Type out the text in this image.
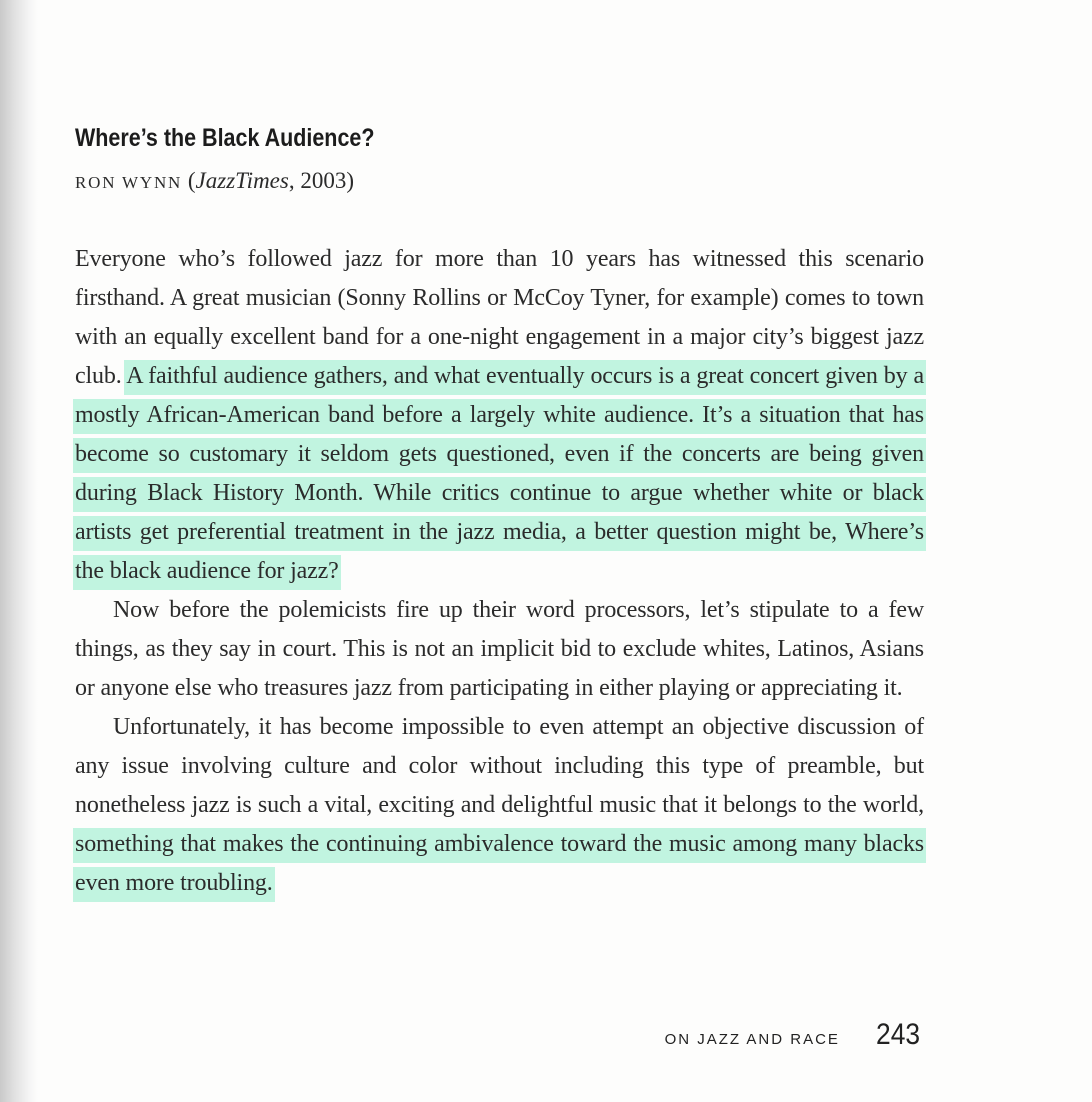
Where’s the Black Audience?
RON WYNN (JazzTimes, 2003)

Everyone who’s followed jazz for more than 10 years has witnessed this scenario firsthand. A great musician (Sonny Rollins or McCoy Tyner, for example) comes to town with an equally excellent band for a one-night engagement in a major city’s biggest jazz club. A faithful audience gathers, and what eventually occurs is a great concert given by a mostly African-American band before a largely white audience. It’s a situation that has become so customary it seldom gets questioned, even if the concerts are being given during Black History Month. While critics continue to argue whether white or black artists get preferential treatment in the jazz media, a better question might be, Where’s the black audience for jazz?

Now before the polemicists fire up their word processors, let’s stipulate to a few things, as they say in court. This is not an implicit bid to exclude whites, Latinos, Asians or anyone else who treasures jazz from participating in either playing or appreciating it.

Unfortunately, it has become impossible to even attempt an objective discussion of any issue involving culture and color without including this type of preamble, but nonetheless jazz is such a vital, exciting and delightful music that it belongs to the world, something that makes the continuing ambivalence toward the music among many blacks even more troubling.

ON JAZZ AND RACE 243
